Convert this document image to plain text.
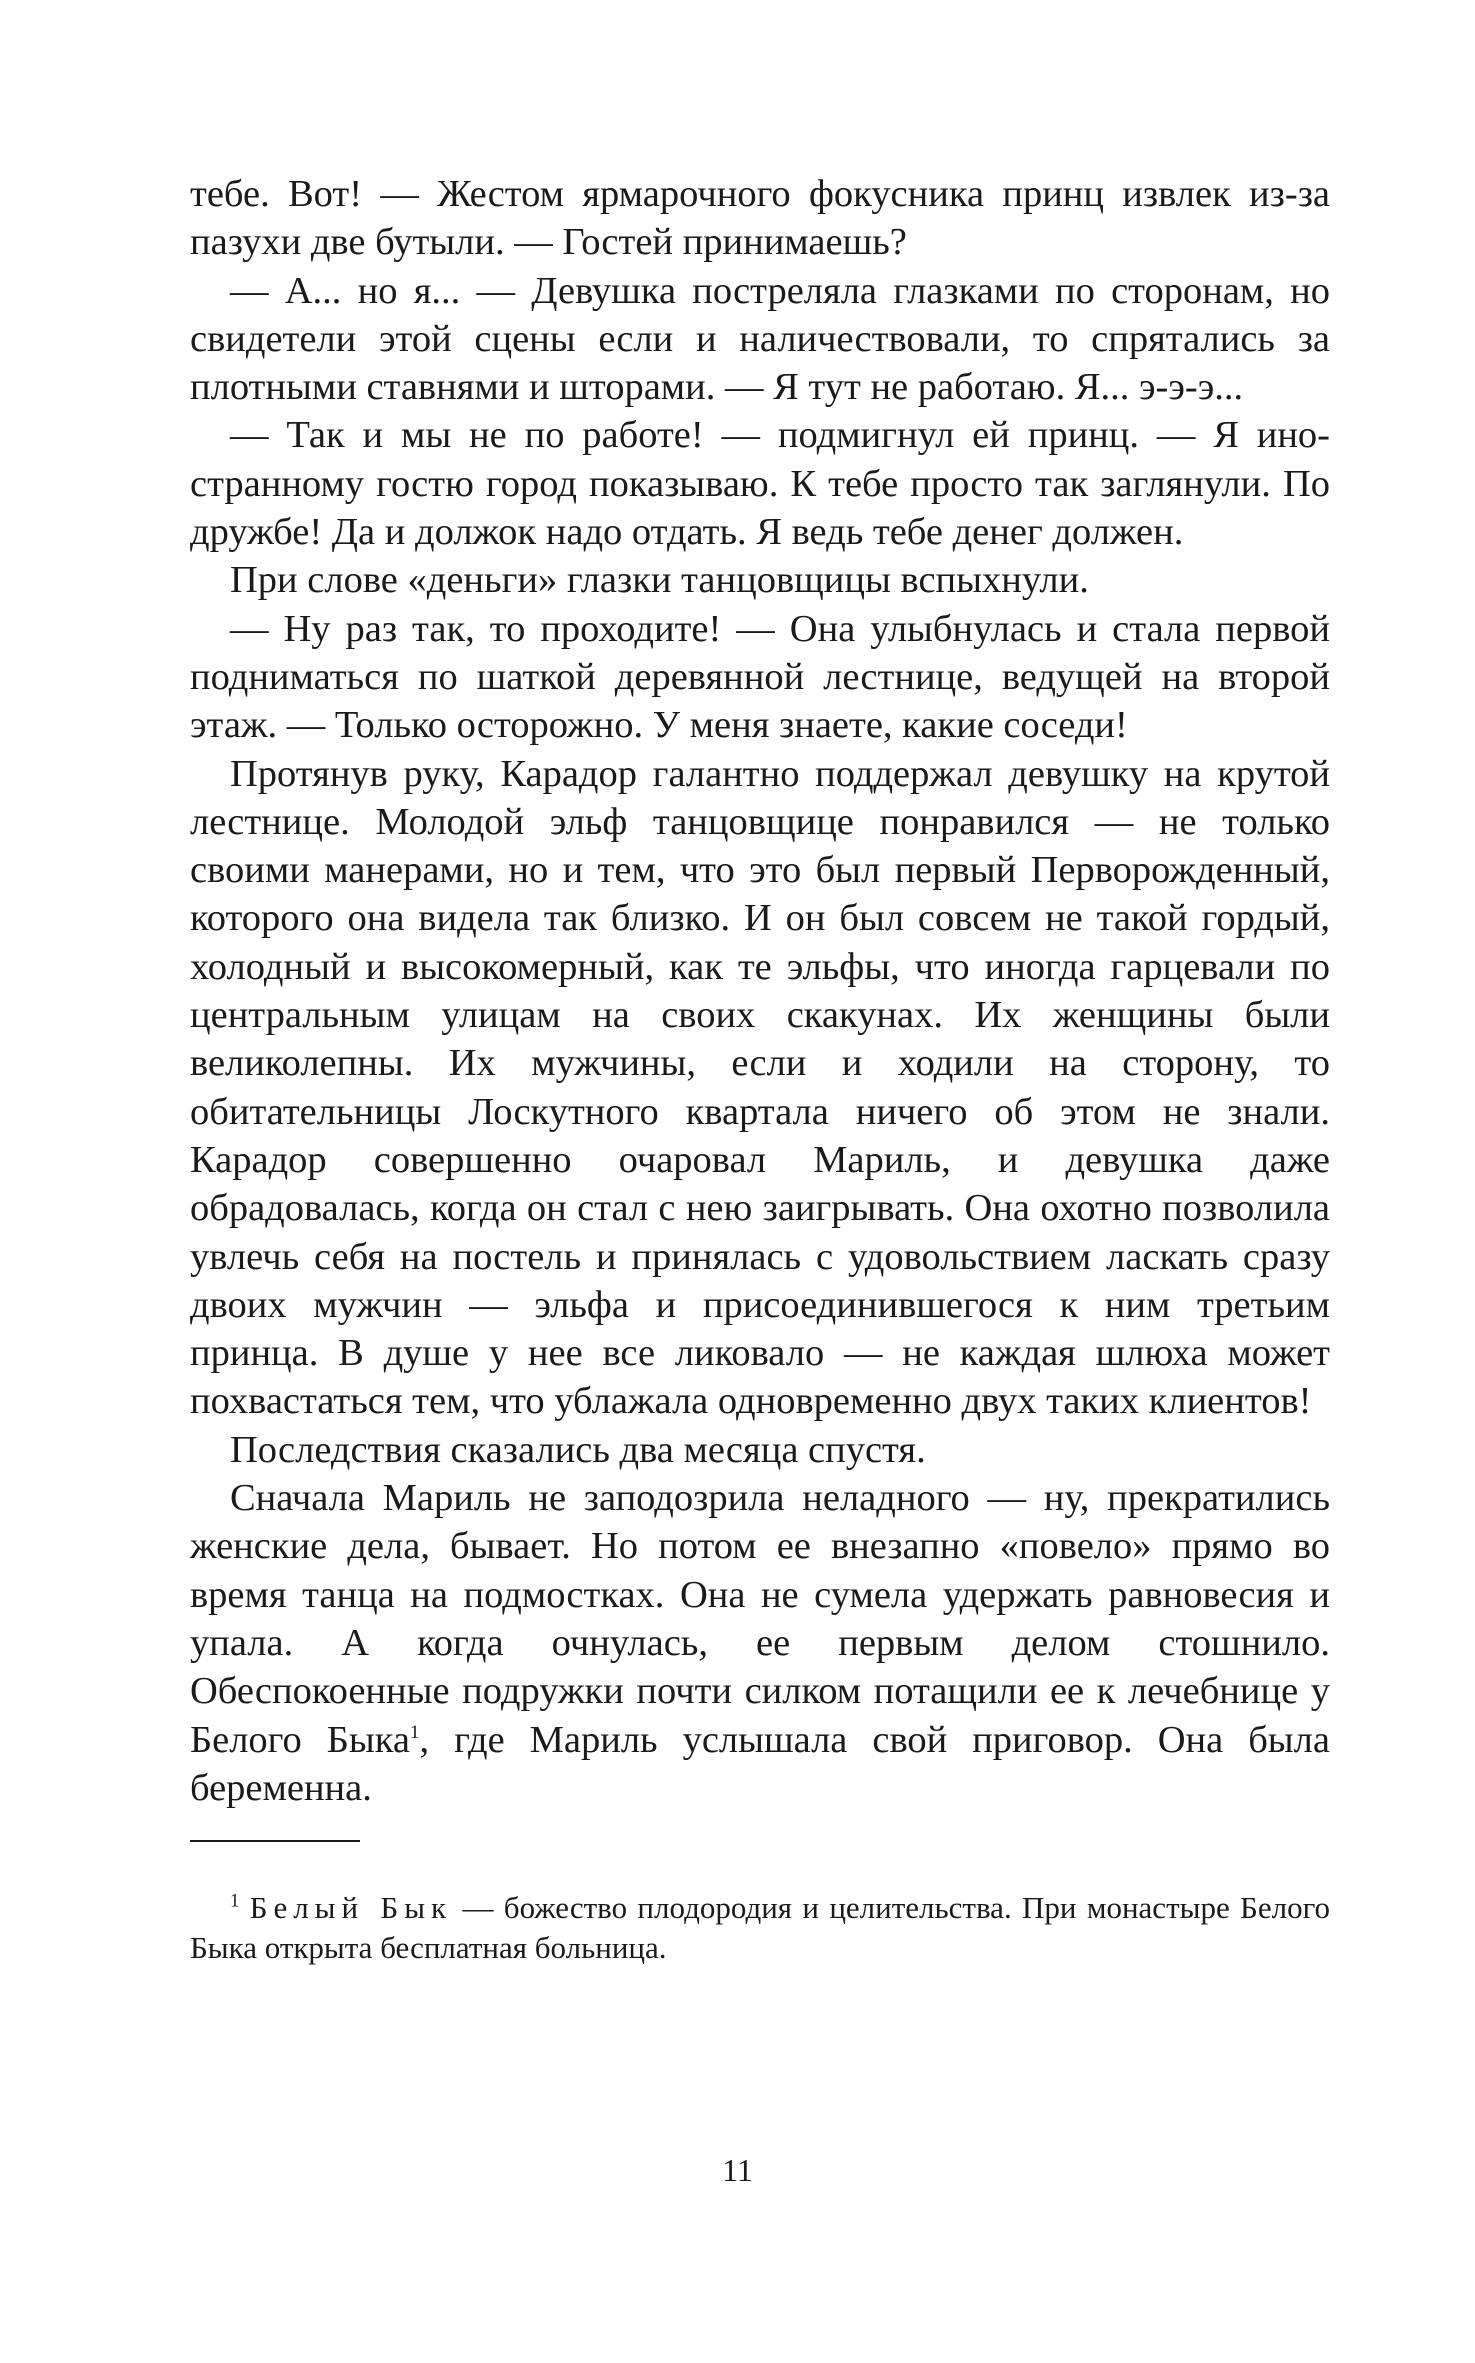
тебе. Вот! — Жестом ярмарочного фокусника принц извлек из-за пазухи две бутыли. — Гостей принимаешь?

— А... но я... — Девушка постреляла глазками по сторонам, но свидетели этой сцены если и наличествовали, то спрятались за плотными ставнями и шторами. — Я тут не работаю. Я... э-э-э...

— Так и мы не по работе! — подмигнул ей принц. — Я иностранному гостю город показываю. К тебе просто так заглянули. По дружбе! Да и должок надо отдать. Я ведь тебе денег должен.

При слове «деньги» глазки танцовщицы вспыхнули.

— Ну раз так, то проходите! — Она улыбнулась и стала первой подниматься по шаткой деревянной лестнице, ведущей на второй этаж. — Только осторожно. У меня знаете, какие соседи!

Протянув руку, Карадор галантно поддержал девушку на крутой лестнице. Молодой эльф танцовщице понравился — не только своими манерами, но и тем, что это был первый Перворожденный, которого она видела так близко. И он был совсем не такой гордый, холодный и высокомерный, как те эльфы, что иногда гарцевали по центральным улицам на своих скакунах. Их женщины были великолепны. Их мужчины, если и ходили на сторону, то обитательницы Лоскутного квартала ничего об этом не знали. Карадор совершенно очаровал Мариль, и девушка даже обрадовалась, когда он стал с нею заигрывать. Она охотно позволила увлечь себя на постель и принялась с удовольствием ласкать сразу двоих мужчин — эльфа и присоединившегося к ним третьим принца. В душе у нее все ликовало — не каждая шлюха может похвастаться тем, что ублажала одновременно двух таких клиентов!

Последствия сказались два месяца спустя.

Сначала Мариль не заподозрила неладного — ну, прекратились женские дела, бывает. Но потом ее внезапно «повело» прямо во время танца на подмостках. Она не сумела удержать равновесия и упала. А когда очнулась, ее первым делом стошнило. Обеспокоенные подружки почти силком потащили ее к лечебнице у Белого Быка$^1$, где Мариль услышала свой приговор. Она была беременна.

$^1$ Белый Бык — божество плодородия и целительства. При монастыре Белого Быка открыта бесплатная больница.
11
